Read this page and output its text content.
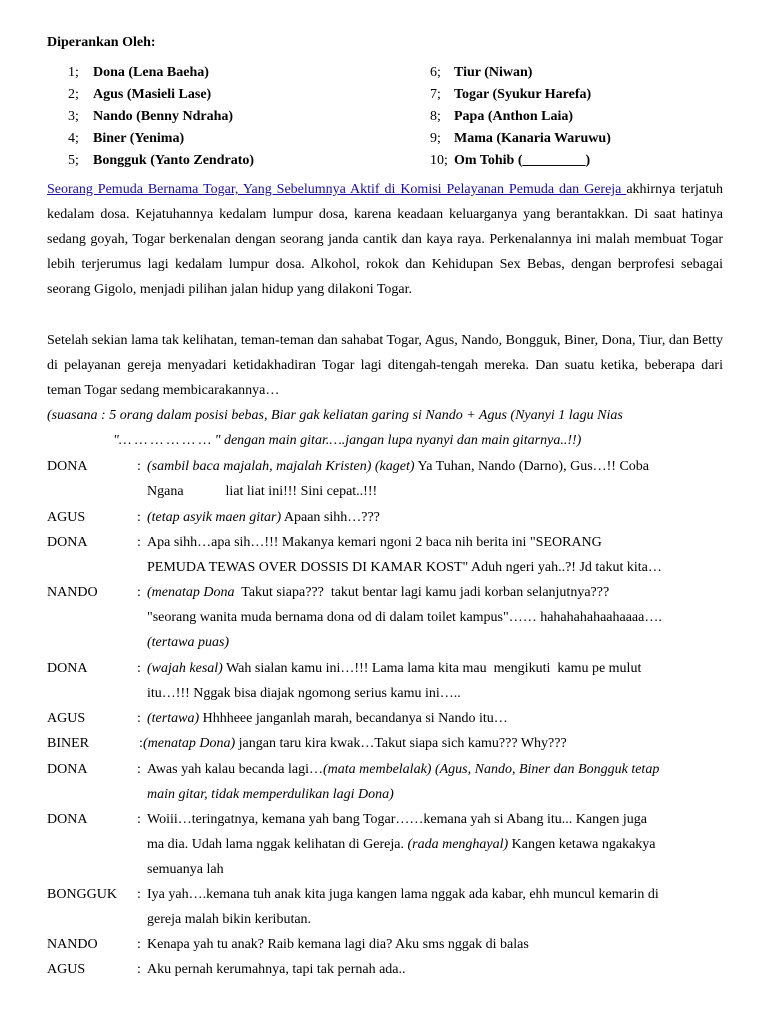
Diperankan Oleh:
1;	Dona (Lena Baeha)
2;	Agus (Masieli Lase)
3;	Nando (Benny Ndraha)
4;	Biner (Yenima)
5;	Bongguk (Yanto Zendrato)
6; Tiur (Niwan)
7; Togar (Syukur Harefa)
8; Papa (Anthon Laia)
9; Mama (Kanaria Waruwu)
10; Om Tohib (_________)
Seorang Pemuda Bernama Togar, Yang Sebelumnya Aktif di Komisi Pelayanan Pemuda dan Gereja akhirnya terjatuh kedalam dosa. Kejatuhannya kedalam lumpur dosa, karena keadaan keluarganya yang berantakkan. Di saat hatinya sedang goyah, Togar berkenalan dengan seorang janda cantik dan kaya raya. Perkenalannya ini malah membuat Togar lebih terjerumus lagi kedalam lumpur dosa. Alkohol, rokok dan Kehidupan Sex Bebas, dengan berprofesi sebagai seorang Gigolo, menjadi pilihan jalan hidup yang dilakoni Togar.
Setelah sekian lama tak kelihatan, teman-teman dan sahabat Togar, Agus, Nando, Bongguk, Biner, Dona, Tiur, dan Betty di pelayanan gereja menyadari ketidakhadiran Togar lagi ditengah-tengah mereka. Dan suatu ketika, beberapa dari teman Togar sedang membicarakannya…
(suasana : 5 orang dalam posisi bebas, Biar gak keliatan garing si Nando + Agus (Nyanyi 1 lagu Nias
"… … … … … … " dengan main gitar.….jangan lupa nyanyi dan main gitarnya..!!)
DONA	: (sambil baca majalah, majalah Kristen) (kaget) Ya Tuhan, Nando (Darno), Gus…!! Coba
Ngana            liat liat ini!!! Sini cepat..!!!
AGUS	: (tetap asyik maen gitar) Apaan sihh…???
DONA	: Apa sihh…apa sih…!!! Makanya kemari ngoni 2 baca nih berita ini "SEORANG
PEMUDA TEWAS OVER DOSSIS DI KAMAR KOST" Aduh ngeri yah..?! Jd takut kita…
NANDO	: (menatap Dona  Takut siapa???  takut bentar lagi kamu jadi korban selanjutnya???
"seorang wanita muda bernama dona od di dalam toilet kampus"…… hahahahahaahaaaa….
(tertawa puas)
DONA	: (wajah kesal) Wah sialan kamu ini…!!! Lama lama kita mau  mengikuti  kamu pe mulut
itu…!!! Nggak bisa diajak ngomong serius kamu ini…..
AGUS	: (tertawa) Hhhheee janganlah marah, becandanya si Nando itu…
BINER	: (menatap Dona) jangan taru kira kwak…Takut siapa sich kamu??? Why???
DONA	: Awas yah kalau becanda lagi…(mata membelalak) (Agus, Nando, Biner dan Bongguk tetap
main gitar, tidak memperdulikan lagi Dona)
DONA	: Woiii…teringatnya, kemana yah bang Togar……kemana yah si Abang itu... Kangen juga
ma dia. Udah lama nggak kelihatan di Gereja. (rada menghayal) Kangen ketawa ngakakya
semuanya lah
BONGGUK : Iya yah….kemana tuh anak kita juga kangen lama nggak ada kabar, ehh muncul kemarin di
gereja malah bikin keributan.
NANDO	: Kenapa yah tu anak? Raib kemana lagi dia? Aku sms nggak di balas
AGUS	: Aku pernah kerumahnya, tapi tak pernah ada..
